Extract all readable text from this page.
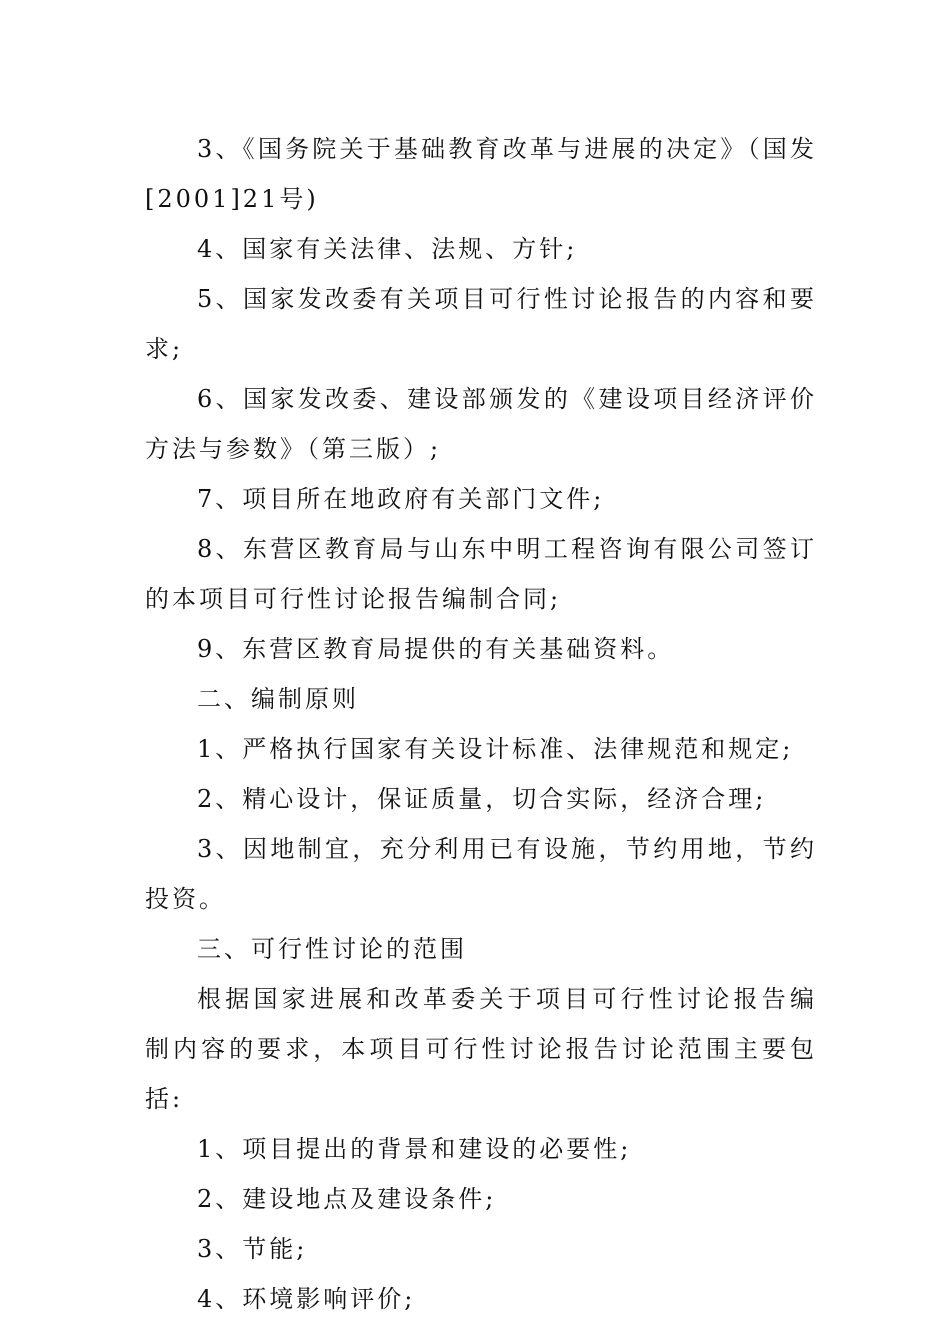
3、《国务院关于基础教育改革与进展的决定》（国发[2001]21号)

4、国家有关法律、法规、方针;

5、国家发改委有关项目可行性讨论报告的内容和要求;

6、国家发改委、建设部颁发的《建设项目经济评价方法与参数》（第三版）;

7、项目所在地政府有关部门文件;

8、东营区教育局与山东中明工程咨询有限公司签订的本项目可行性讨论报告编制合同;

9、东营区教育局提供的有关基础资料。

二、编制原则

1、严格执行国家有关设计标准、法律规范和规定;

2、精心设计，保证质量，切合实际，经济合理;

3、因地制宜，充分利用已有设施，节约用地，节约投资。

三、可行性讨论的范围

根据国家进展和改革委关于项目可行性讨论报告编制内容的要求，本项目可行性讨论报告讨论范围主要包括:

1、项目提出的背景和建设的必要性;

2、建设地点及建设条件;

3、节能;

4、环境影响评价;
